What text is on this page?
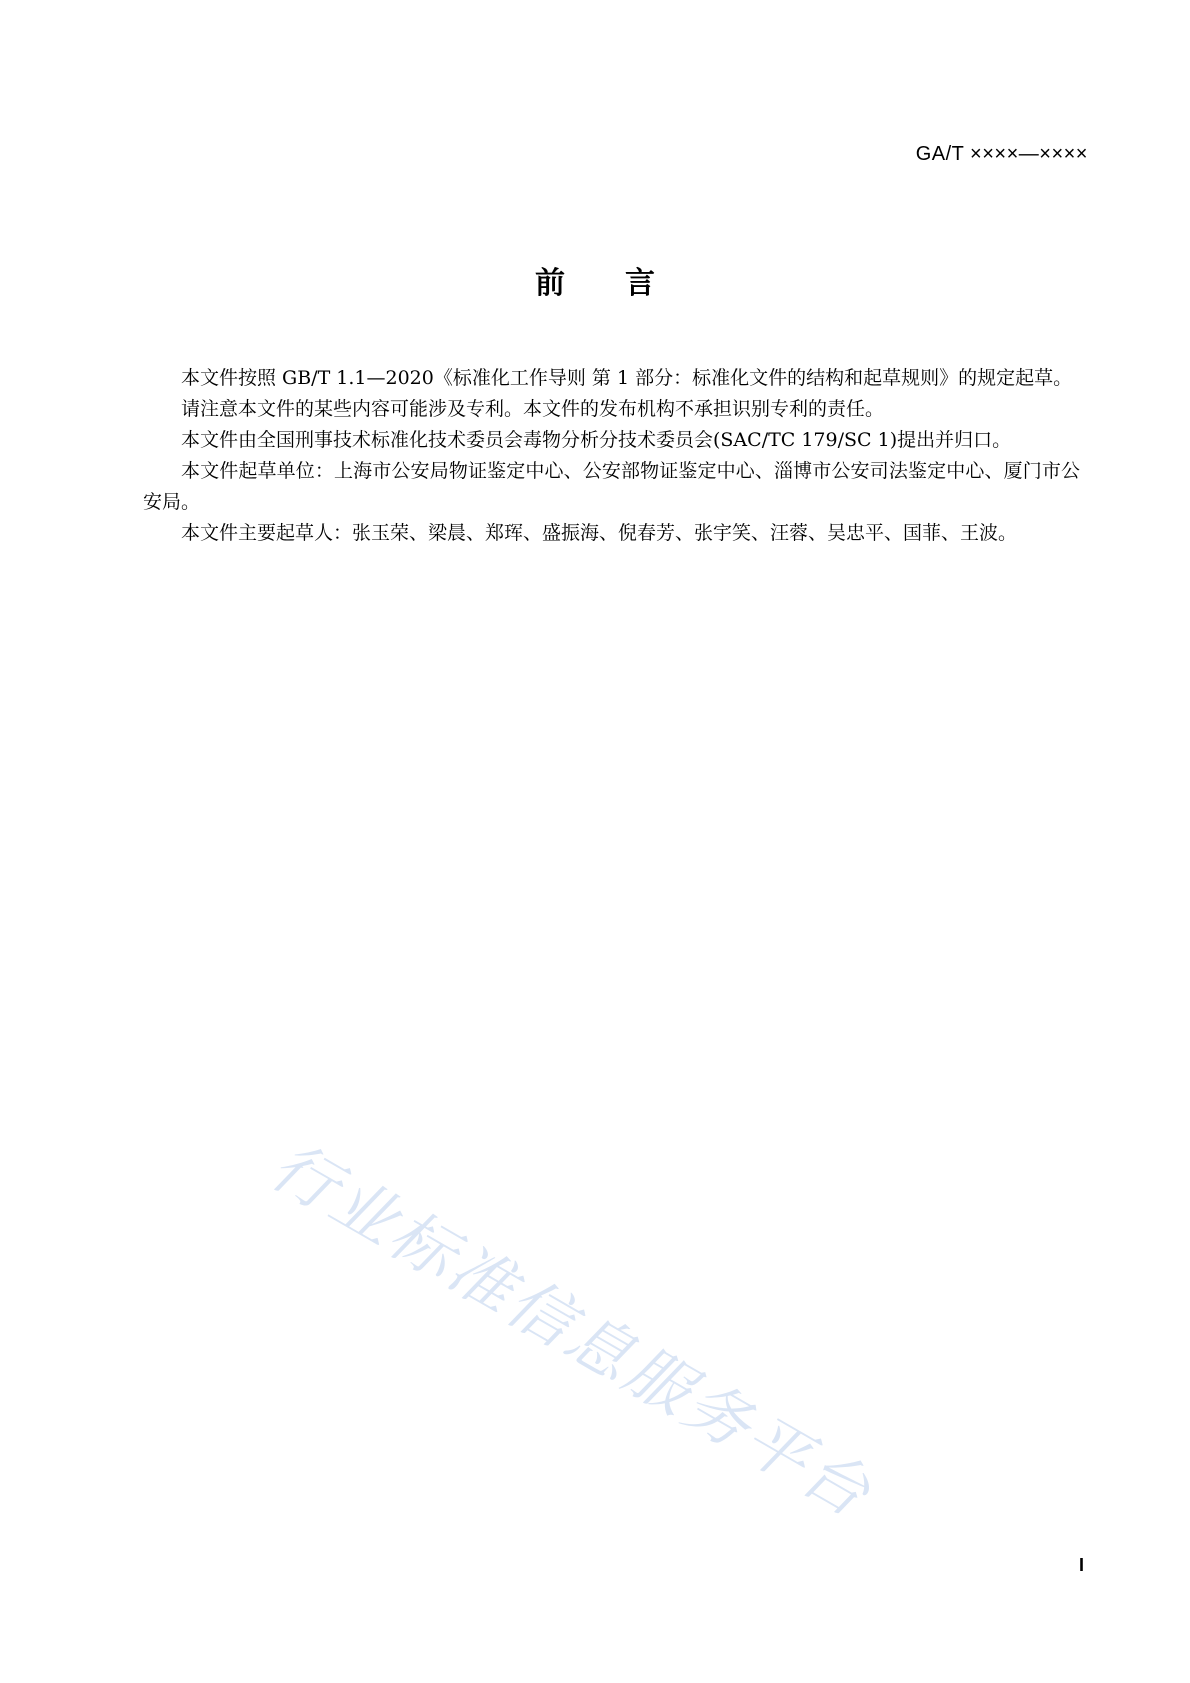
GA/T ××××—××××
前　　言

本文件按照 GB/T 1.1—2020《标准化工作导则 第 1 部分：标准化文件的结构和起草规则》的规定起草。

请注意本文件的某些内容可能涉及专利。本文件的发布机构不承担识别专利的责任。

本文件由全国刑事技术标准化技术委员会毒物分析分技术委员会(SAC/TC 179/SC 1)提出并归口。

本文件起草单位：上海市公安局物证鉴定中心、公安部物证鉴定中心、淄博市公安司法鉴定中心、厦门市公安局。

本文件主要起草人：张玉荣、梁晨、郑珲、盛振海、倪春芳、张宇笑、汪蓉、吴忠平、国菲、王波。

行业标准信息服务平台
I
